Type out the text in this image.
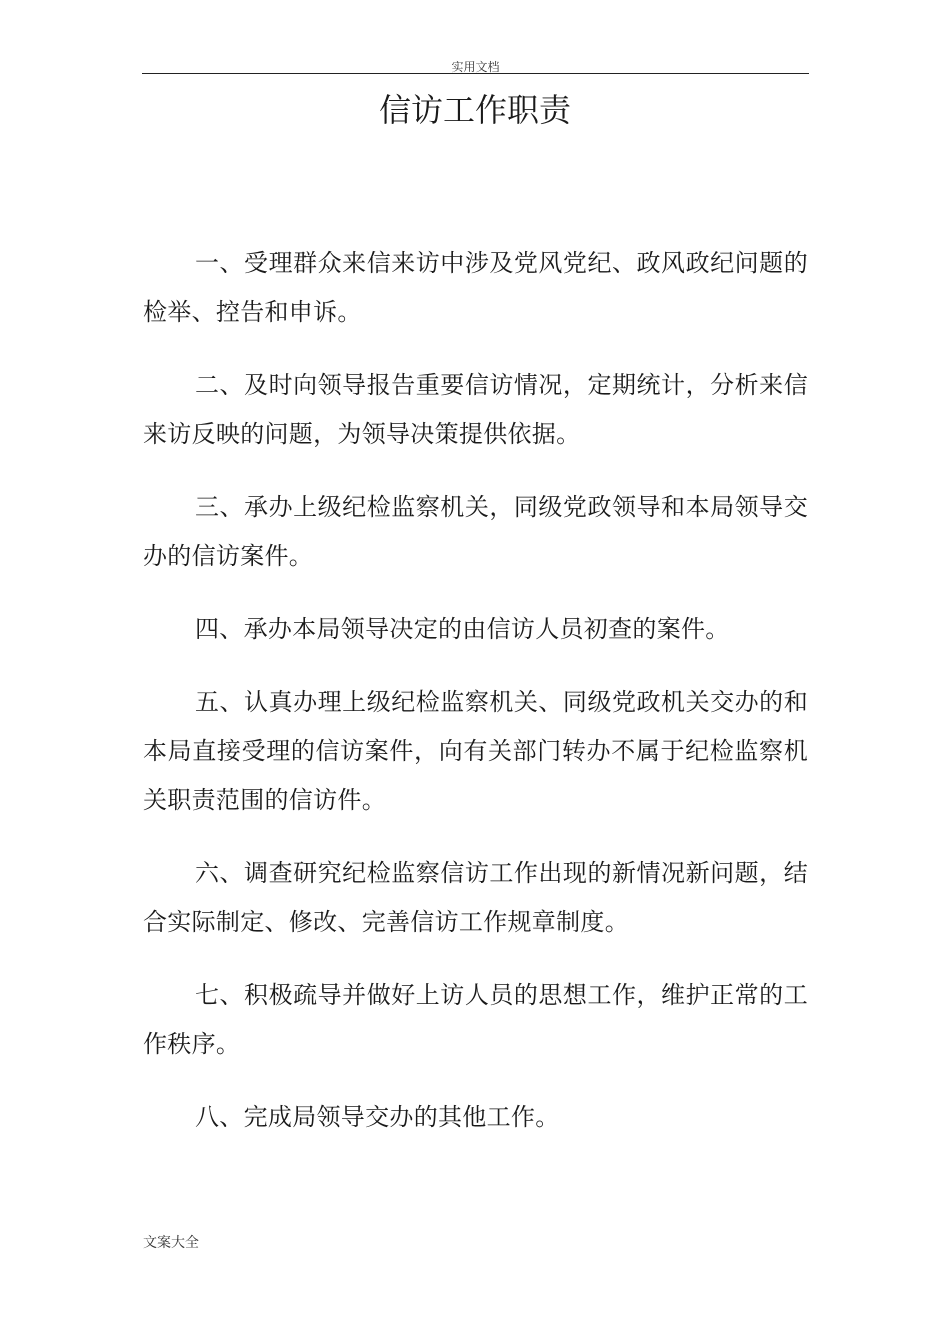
实用文档
信访工作职责

一、受理群众来信来访中涉及党风党纪、政风政纪问题的检举、控告和申诉。

二、及时向领导报告重要信访情况，定期统计，分析来信来访反映的问题，为领导决策提供依据。

三、承办上级纪检监察机关，同级党政领导和本局领导交办的信访案件。

四、承办本局领导决定的由信访人员初查的案件。

五、认真办理上级纪检监察机关、同级党政机关交办的和本局直接受理的信访案件，向有关部门转办不属于纪检监察机关职责范围的信访件。

六、调查研究纪检监察信访工作出现的新情况新问题，结合实际制定、修改、完善信访工作规章制度。

七、积极疏导并做好上访人员的思想工作，维护正常的工作秩序。

八、完成局领导交办的其他工作。

文案大全
